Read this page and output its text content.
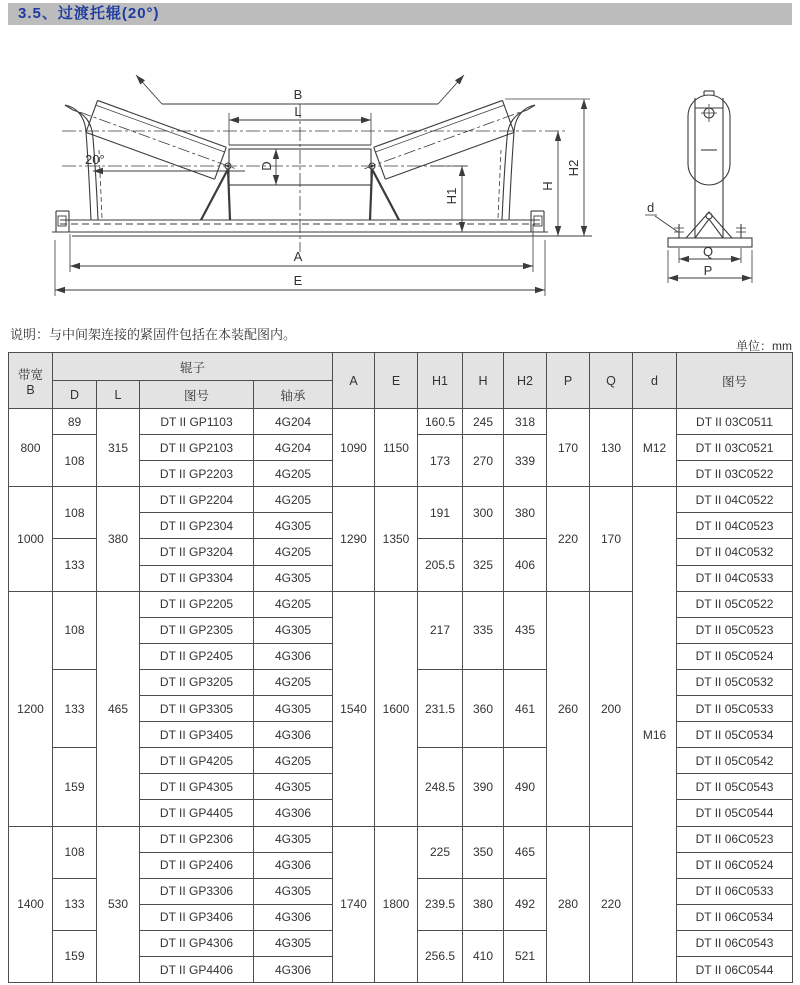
3.5、过渡托辊(20°)
B
L
D
20°
H1
H
H2
A
E
d
Q
P
说明：与中间架连接的紧固件包括在本装配图内。
单位：mm
带宽
B	辊子				A	E	H1	H	H2	P	Q	d	图号
	D	L	图号	轴承									
800	89	315	DT II GP1103	4G204	1090	1150	160.5	245	318	170	130	M12	DT II 03C0511
	108		DT II GP2103	4G204			173	270	339				DT II 03C0521
			DT II GP2203	4G205									DT II 03C0522
1000	108	380	DT II GP2204	4G205	1290	1350	191	300	380	220	170	M16	DT II 04C0522
			DT II GP2304	4G305									DT II 04C0523
	133		DT II GP3204	4G205			205.5	325	406				DT II 04C0532
			DT II GP3304	4G305									DT II 04C0533
1200	108	465	DT II GP2205	4G205	1540	1600	217	335	435	260	200		DT II 05C0522
			DT II GP2305	4G305									DT II 05C0523
			DT II GP2405	4G306									DT II 05C0524
	133		DT II GP3205	4G205			231.5	360	461				DT II 05C0532
			DT II GP3305	4G305									DT II 05C0533
			DT II GP3405	4G306									DT II 05C0534
	159		DT II GP4205	4G205			248.5	390	490				DT II 05C0542
			DT II GP4305	4G305									DT II 05C0543
			DT II GP4405	4G306									DT II 05C0544
1400	108	530	DT II GP2306	4G305	1740	1800	225	350	465	280	220		DT II 06C0523
			DT II GP2406	4G306									DT II 06C0524
	133		DT II GP3306	4G305			239.5	380	492				DT II 06C0533
			DT II GP3406	4G306									DT II 06C0534
	159		DT II GP4306	4G305			256.5	410	521				DT II 06C0543
			DT II GP4406	4G306									DT II 06C0544
